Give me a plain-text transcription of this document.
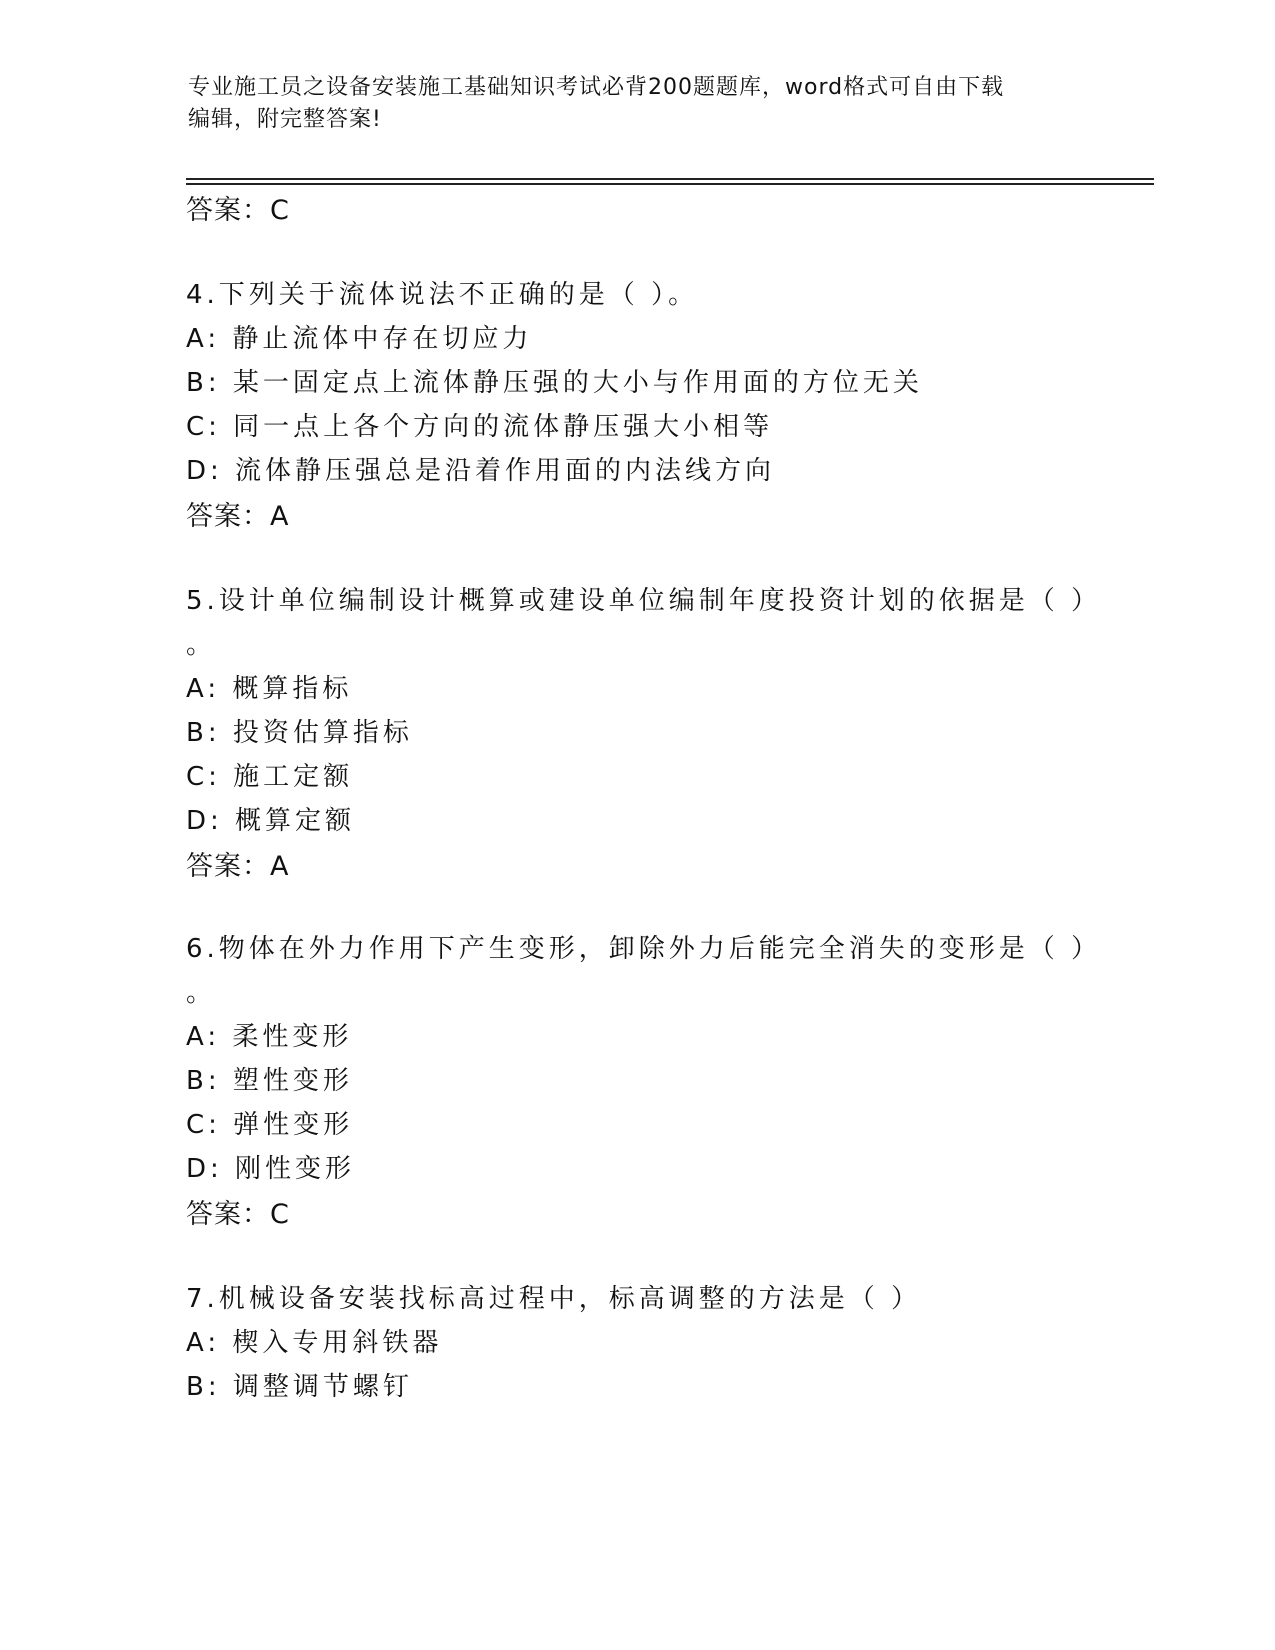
专业施工员之设备安装施工基础知识考试必背200题题库，word格式可自由下载
编辑，附完整答案!
答案：C
4.下列关于流体说法不正确的是（ ）。
A: 静止流体中存在切应力
B: 某一固定点上流体静压强的大小与作用面的方位无关
C: 同一点上各个方向的流体静压强大小相等
D: 流体静压强总是沿着作用面的内法线方向
答案：A
5.设计单位编制设计概算或建设单位编制年度投资计划的依据是（ ）
。
A: 概算指标
B: 投资估算指标
C: 施工定额
D: 概算定额
答案：A
6.物体在外力作用下产生变形，卸除外力后能完全消失的变形是（ ）
。
A: 柔性变形
B: 塑性变形
C: 弹性变形
D: 刚性变形
答案：C
7.机械设备安装找标高过程中，标高调整的方法是（ ）
A: 楔入专用斜铁器
B: 调整调节螺钉
